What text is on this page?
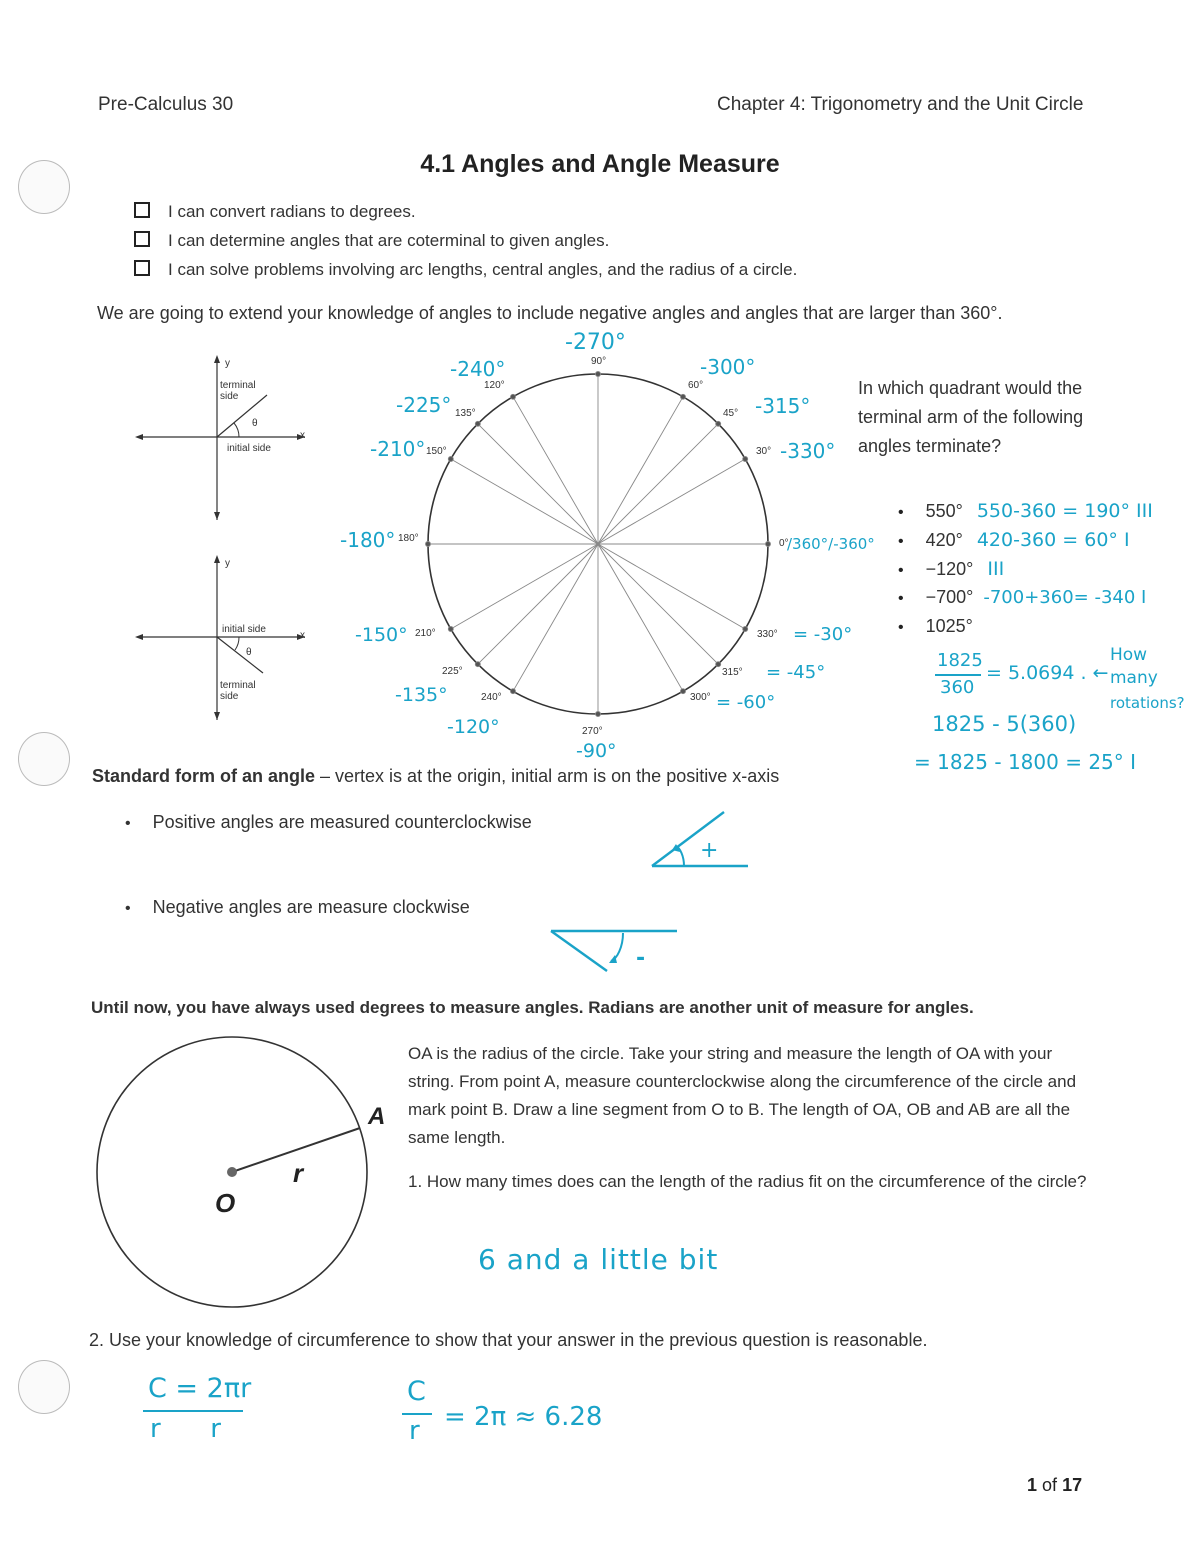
Pre-Calculus 30	Chapter 4: Trigonometry and the Unit Circle
4.1 Angles and Angle Measure
I can convert radians to degrees.
I can determine angles that are coterminal to given angles.
I can solve problems involving arc lengths, central angles, and the radius of a circle.
We are going to extend your knowledge of angles to include negative angles and angles that are larger than 360°.
y
terminal side
θ
initial side
x
y
initial side
θ
terminal side
x
90°
120°
135°
150°
180°
210°
225°
240°
270°
300°
315°
330°
0°
30°
45°
60°
-270°
-240°
-225°
-210°
-180°
-150°
-135°
-120°
-90°
-300°
-315°
-330°
/360°/-360°
= -30°
= -45°
= -60°
In which quadrant would the terminal arm of the following angles terminate?
• 550° 550-360 = 190° III
• 420° 420-360 = 60° I
• −120° III
• −700° -700+360= -340 I
• 1025°
1825
360
= 5.0694 . ←
How
many
rotations?
1825 - 5(360)
= 1825 - 1800 = 25° I
Standard form of an angle – vertex is at the origin, initial arm is on the positive x-axis
• Positive angles are measured counterclockwise
• Negative angles are measure clockwise
+
-
Until now, you have always used degrees to measure angles. Radians are another unit of measure for angles.
A
O
r
OA is the radius of the circle. Take your string and measure the length of OA with your string. From point A, measure counterclockwise along the circumference of the circle and mark point B. Draw a line segment from O to B. The length of OA, OB and AB are all the same length.
1. How many times does can the length of the radius fit on the circumference of the circle?
6 and a little bit
2. Use your knowledge of circumference to show that your answer in the previous question is reasonable.
C = 2πr
r      r
C
r = 2π ≈ 6.28
1 of 17
